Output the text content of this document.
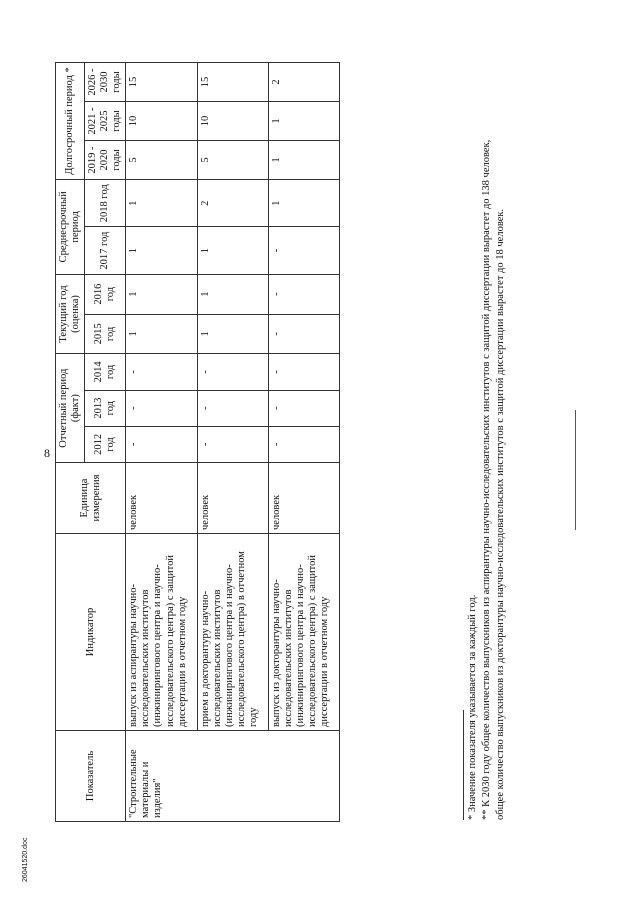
8
Показатель	Индикатор	Единица измерения	Отчетный период (факт)			Текущий год (оценка)		Среднесрочный период		Долгосрочный период *		
			2012 год	2013 год	2014 год	2015 год	2016 год	2017 год	2018 год	2019 - 2020 годы	2021 - 2025 годы	2026 - 2030 годы
"Строительные материалы и изделия"	выпуск из аспирантуры научно-исследовательских институтов (инжинирингового центра и научно-исследовательского центра) с защитой диссертации в отчетном году	человек	-	-	-	1	1	1	1	5	10	15
	прием в докторантуру научно-исследовательских институтов (инжинирингового центра и научно-исследовательского центра) в отчетном году	человек	-	-	-	1	1	1	2	5	10	15
	выпуск из докторантуры научно-исследовательских институтов (инжинирингового центра и научно-исследовательского центра) с защитой диссертации в отчетном году	человек	-	-	-	-	-	-	1	1	1	2
* Значение показателя указывается за каждый год. ** К 2030 году общее количество выпускников из аспирантуры научно-исследовательских институтов с защитой диссертации вырастет до 138 человек, общее количество выпускников из докторантуры научно-исследовательских институтов с защитой диссертации вырастет до 18 человек.
26041520.doc
